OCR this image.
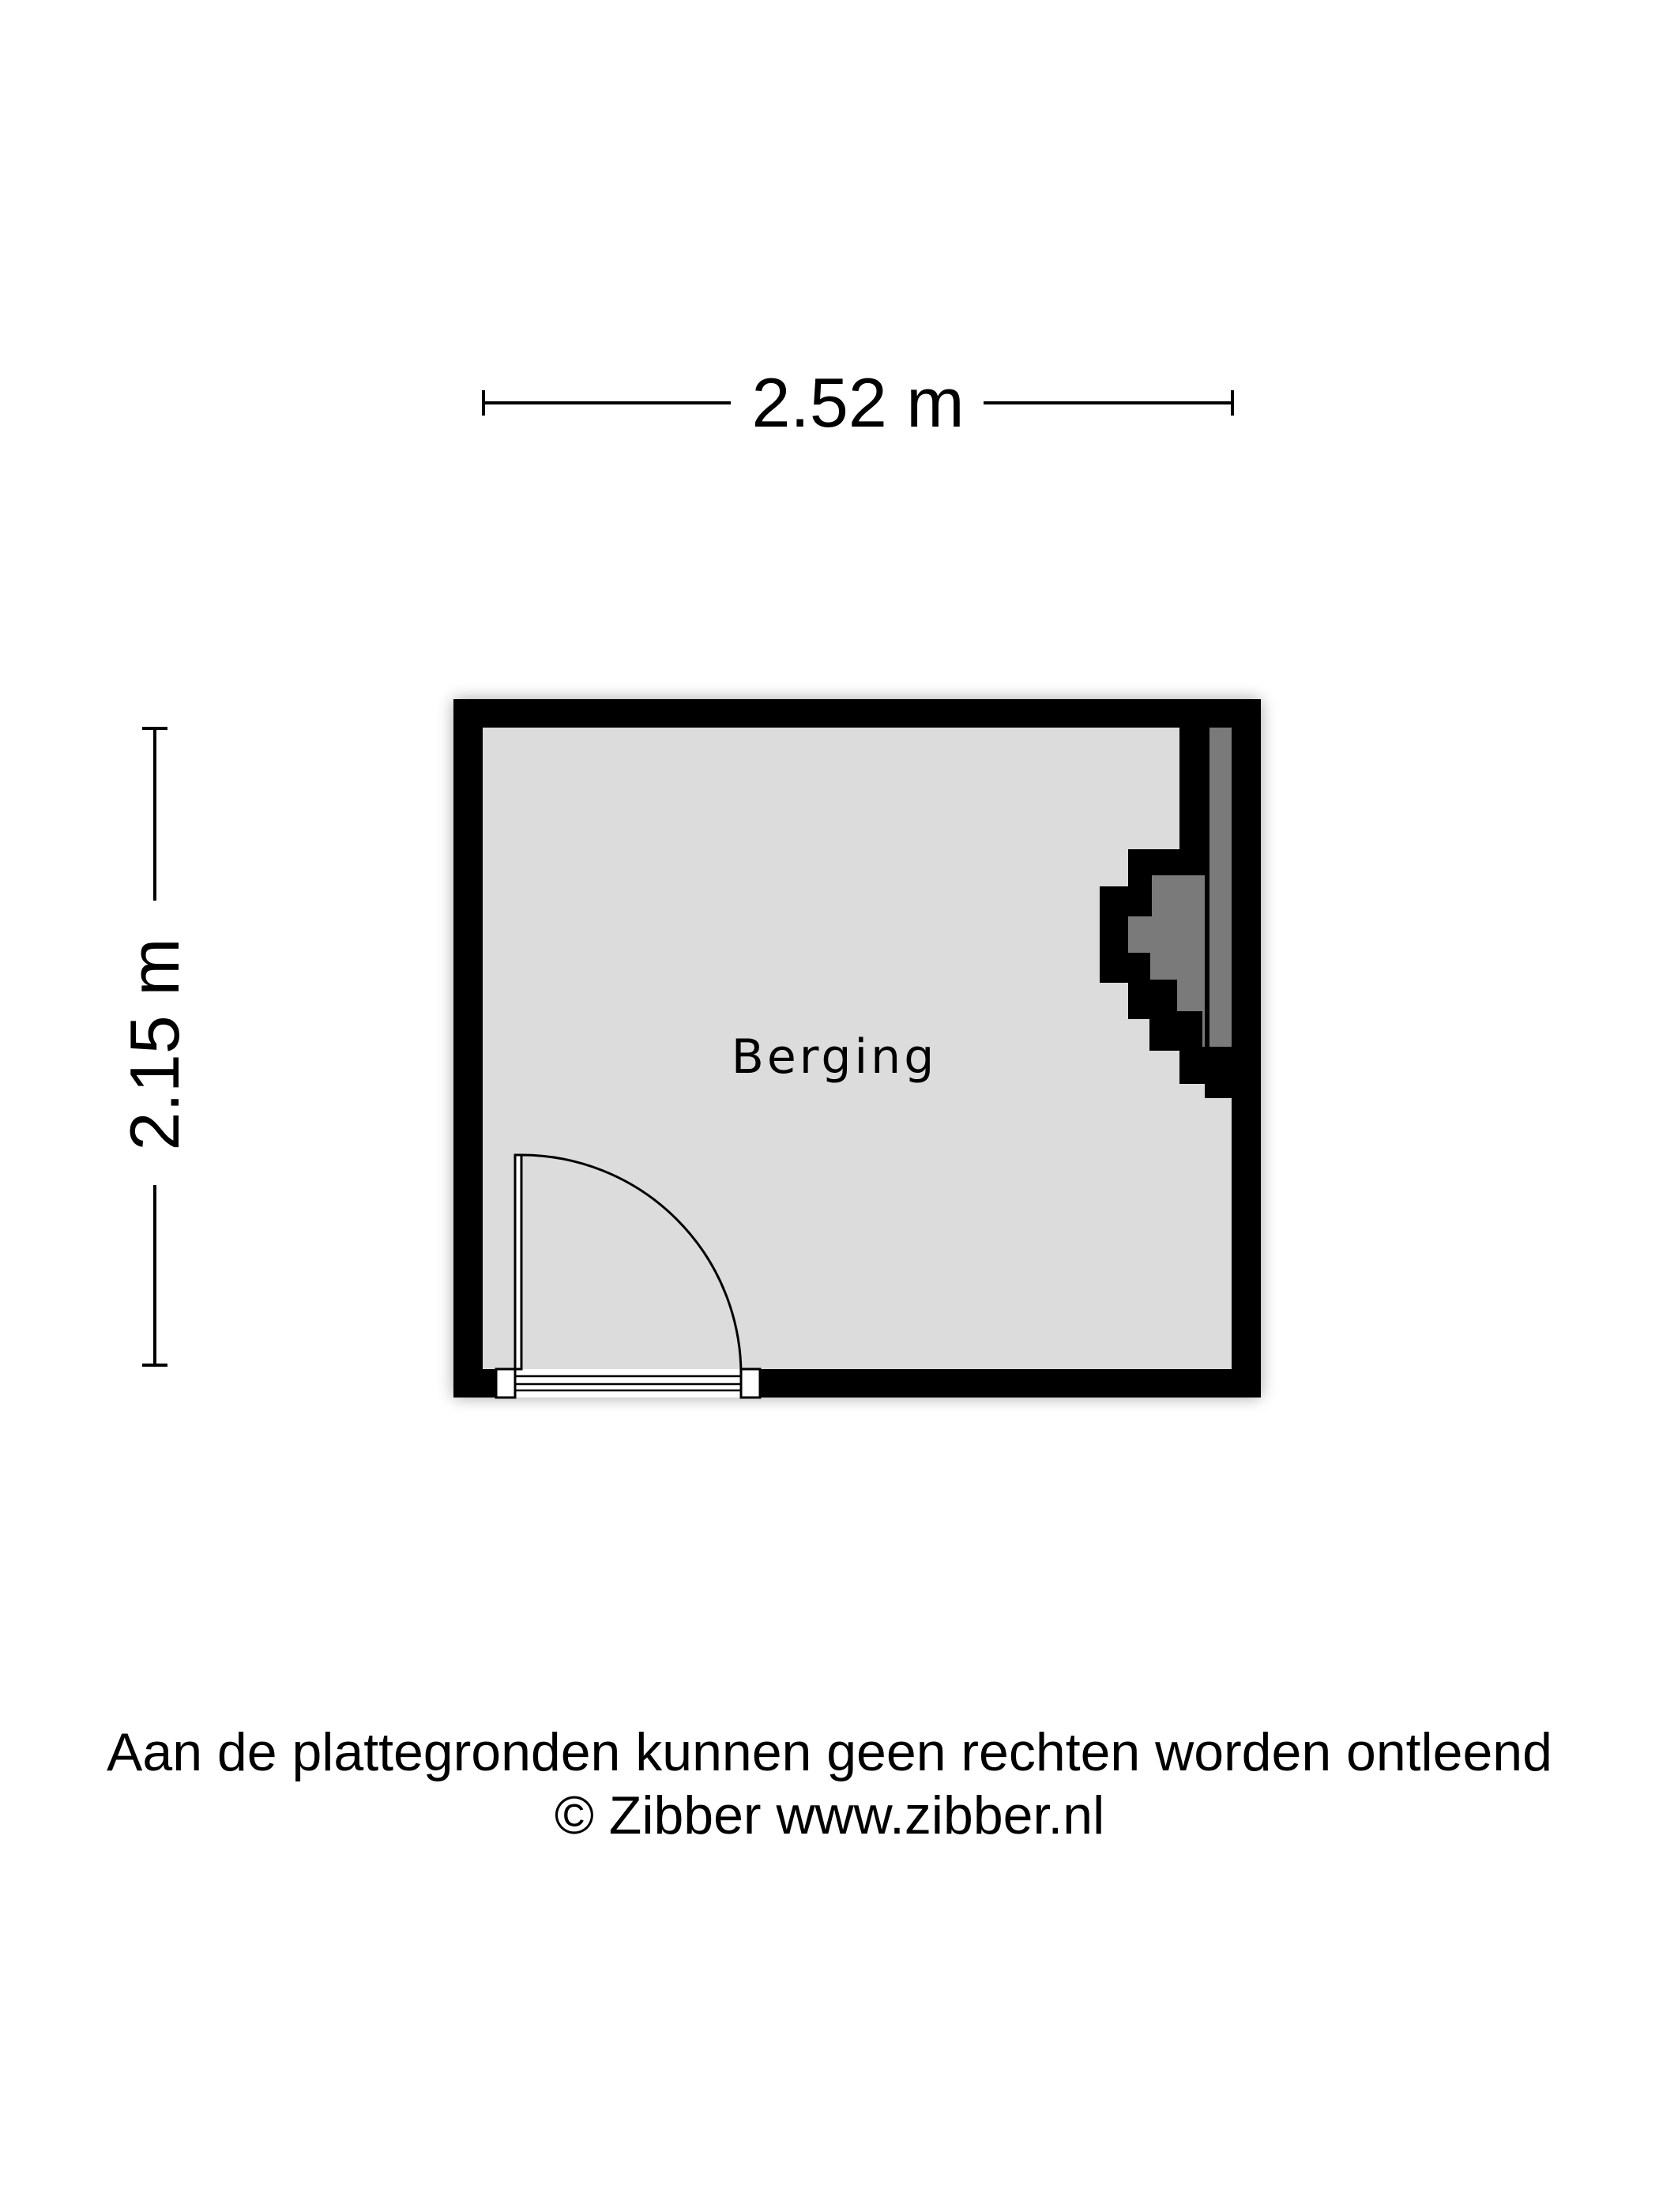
2.52 m
2.15 m	Berging
Aan de plattegronden kunnen geen rechten worden ontleend
© Zibber www.zibber.nl
